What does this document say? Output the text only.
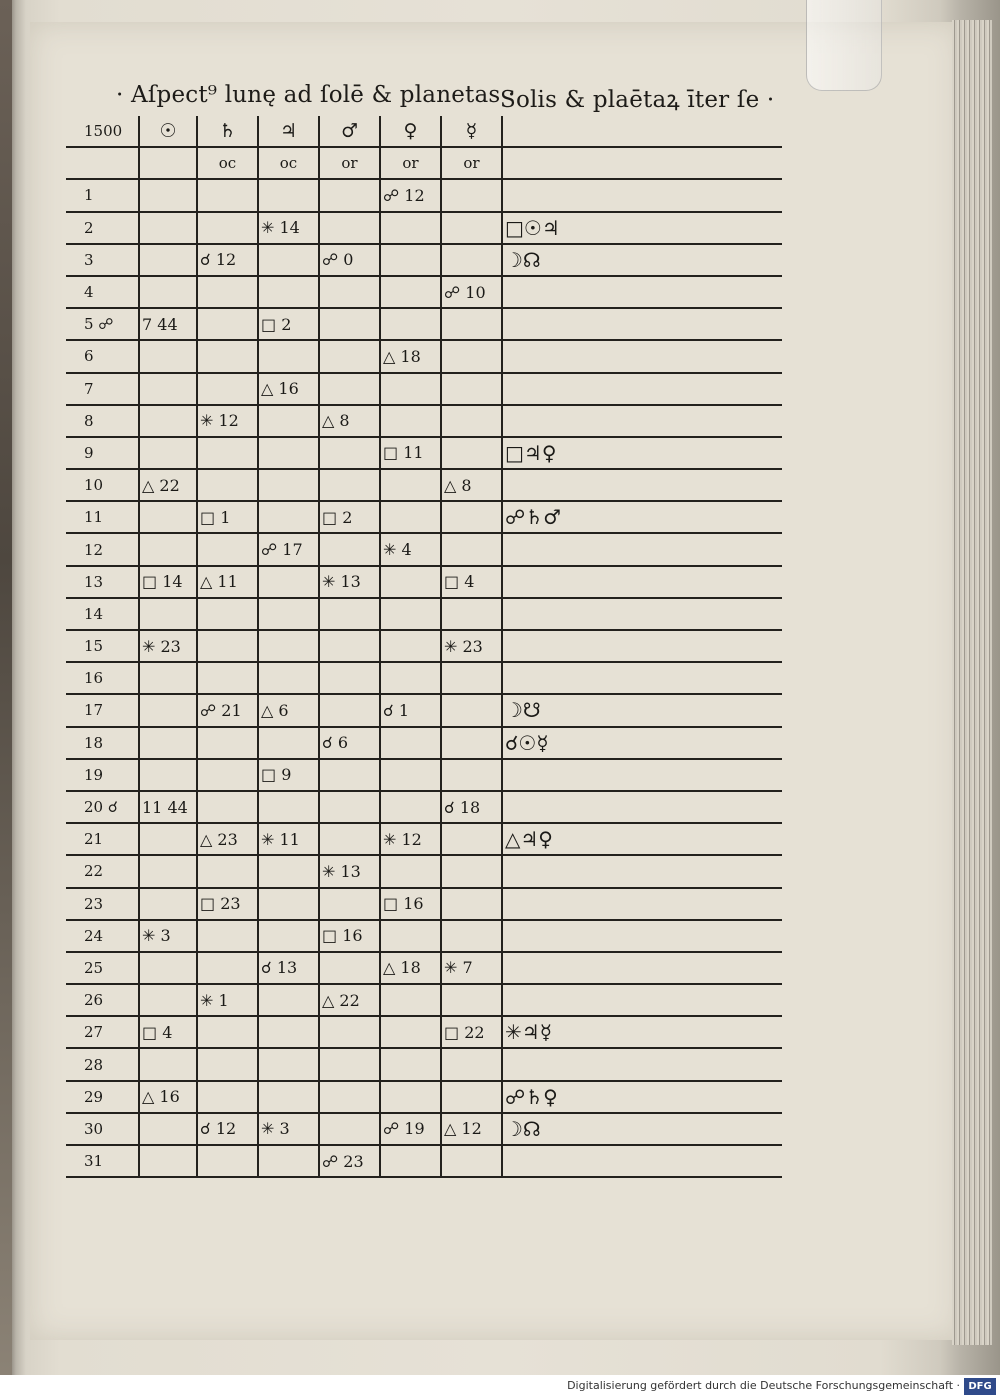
· Aſpect⁹ lunę ad ſolē & planetas ·
Solis & plaētaꝝ īter ſe ·
1500	☉	♄	♃	♂	♀	☿	
		oc	oc	or	or	or	
1					☍ 12		
2			✳ 14				□☉♃
3		☌ 12		☍ 0			☽☊
4						☍ 10	
5 ☍	7 44		□ 2				
6					△ 18		
7			△ 16				
8		✳ 12		△ 8			
9					□ 11		□♃♀
10	△ 22					△ 8	
11		□ 1		□ 2			☍♄♂
12			☍ 17		✳ 4		
13	□ 14	△ 11		✳ 13		□ 4	
14							
15	✳ 23					✳ 23	
16							
17		☍ 21	△ 6		☌ 1		☽☋
18				☌ 6			☌☉☿
19			□ 9				
20 ☌	11 44					☌ 18	
21		△ 23	✳ 11		✳ 12		△♃♀
22				✳ 13			
23		□ 23			□ 16		
24	✳ 3			□ 16			
25			☌ 13		△ 18	✳ 7	
26		✳ 1		△ 22			
27	□ 4					□ 22	✳♃☿
28							
29	△ 16						☍♄♀
30		☌ 12	✳ 3		☍ 19	△ 12	☽☊
31				☍ 23			
Digitalisierung gefördert durch die Deutsche Forschungsgemeinschaft · DFG
